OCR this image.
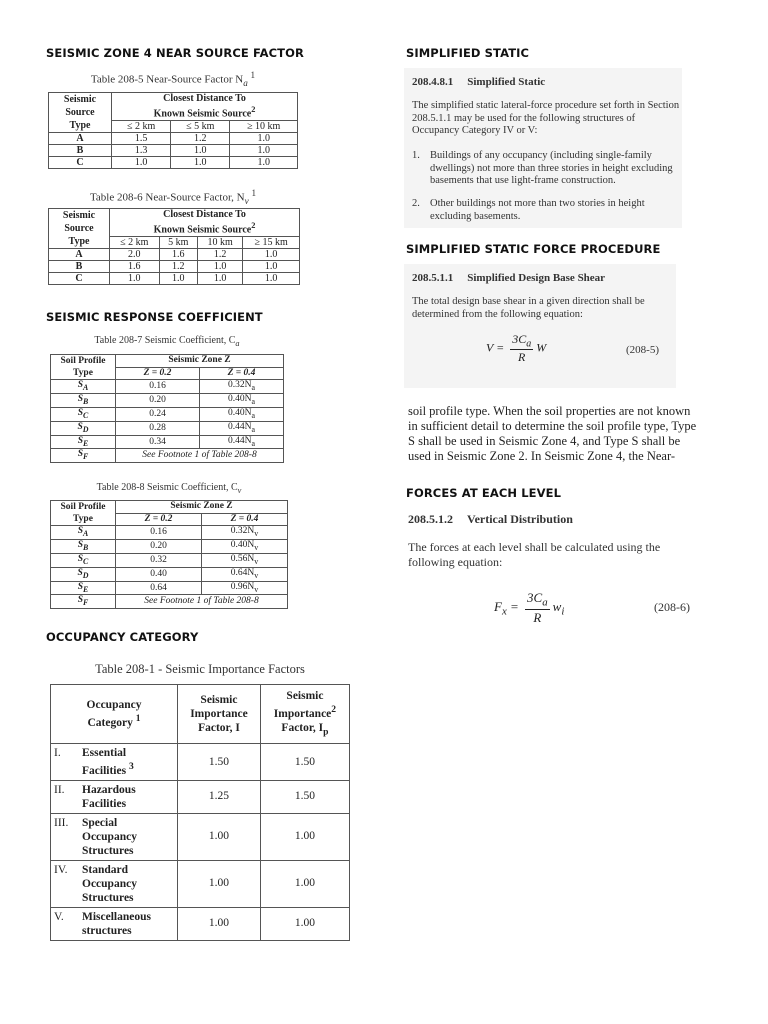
SEISMIC ZONE 4 NEAR SOURCE FACTOR
Table 208-5 Near-Source Factor $N_a$ $^1$
Seismic
Source
Type	Closest Distance To		
	Known Seismic Source$^2$
	≤ 2 km	≤ 5 km	≥ 10 km
A	1.5	1.2	1.0
B	1.3	1.0	1.0
C	1.0	1.0	1.0
Table 208-6 Near-Source Factor, $N_v$ $^1$
Seismic
Source
Type	Closest Distance To			
	Known Seismic Source$^2$
	≤ 2 km	5 km	10 km	≥ 15 km
A	2.0	1.6	1.2	1.0
B	1.6	1.2	1.0	1.0
C	1.0	1.0	1.0	1.0
SEISMIC RESPONSE COEFFICIENT
Table 208-7 Seismic Coefficient, $C_a$
Soil Profile
Type	Seismic Zone Z	
	Z = 0.2	Z = 0.4
$S_A$	0.16	$0.32N_a$
$S_B$	0.20	$0.40N_a$
$S_C$	0.24	$0.40N_a$
$S_D$	0.28	$0.44N_a$
$S_E$	0.34	$0.44N_a$
$S_F$	See Footnote 1 of Table 208-8	
Table 208-8 Seismic Coefficient, $C_v$
Soil Profile
Type	Seismic Zone Z	
	Z = 0.2	Z = 0.4
$S_A$	0.16	$0.32N_v$
$S_B$	0.20	$0.40N_v$
$S_C$	0.32	$0.56N_v$
$S_D$	0.40	$0.64N_v$
$S_E$	0.64	$0.96N_v$
$S_F$	See Footnote 1 of Table 208-8	
OCCUPANCY CATEGORY
Table 208-1 - Seismic Importance Factors
Occupancy
Category $^1$	Seismic
Importance
Factor, I	Seismic
Importance$^2$
Factor, $I_p$
I. Essential
Facilities $^3$	1.50	1.50
II. Hazardous
Facilities	1.25	1.50
III. Special
Occupancy
Structures	1.00	1.00
IV. Standard
Occupancy
Structures	1.00	1.00
V. Miscellaneous
structures	1.00	1.00
SIMPLIFIED STATIC
208.4.8.1 Simplified Static
The simplified static lateral-force procedure set forth in Section 208.5.1.1 may be used for the following structures of Occupancy Category IV or V:
1. Buildings of any occupancy (including single-family dwellings) not more than three stories in height excluding basements that use light-frame construction.
2. Other buildings not more than two stories in height excluding basements.
SIMPLIFIED STATIC FORCE PROCEDURE
208.5.1.1 Simplified Design Base Shear
The total design base shear in a given direction shall be determined from the following equation:
$V = \frac{3C_a}{R}$ W	(208-5)
soil profile type. When the soil properties are not known
in sufficient detail to determine the soil profile type, Type
S shall be used in Seismic Zone 4, and Type S shall be
used in Seismic Zone 2. In Seismic Zone 4, the Near-
FORCES AT EACH LEVEL
208.5.1.2 Vertical Distribution
The forces at each level shall be calculated using the following equation:
$F_x = \frac{3C_a}{R} w_i$	(208-6)
